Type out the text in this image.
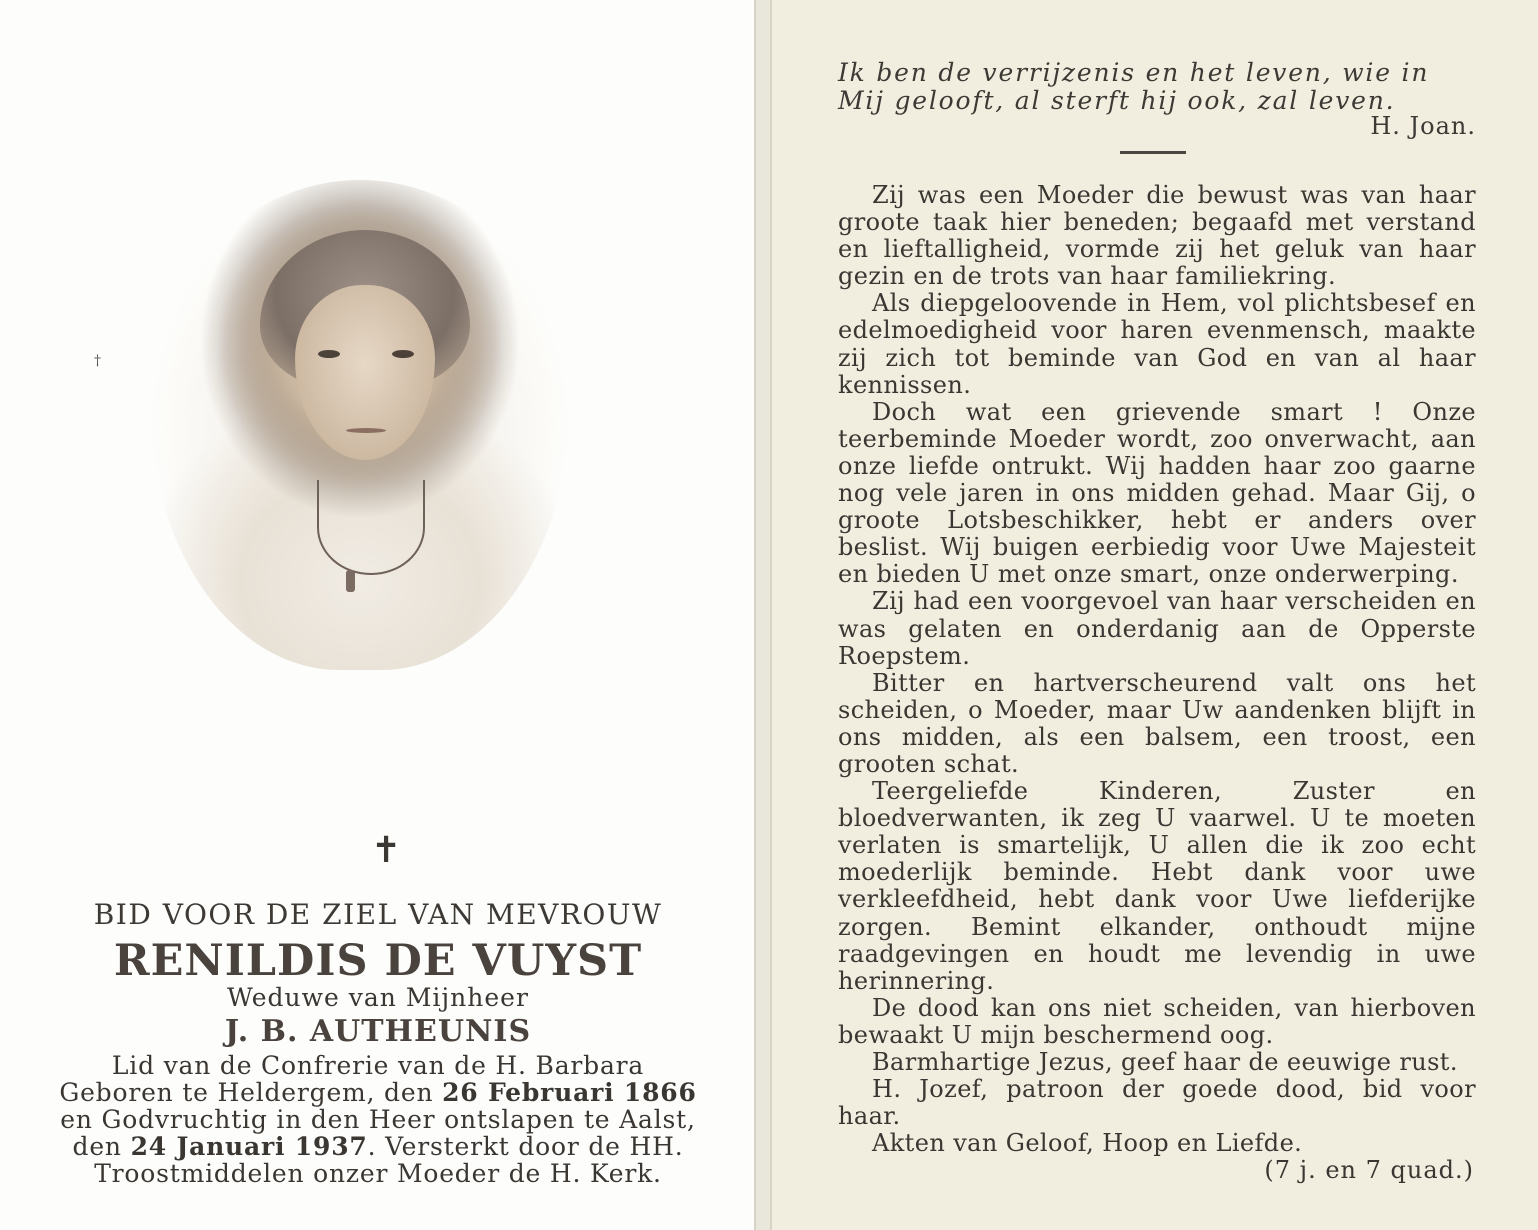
†
✝
BID VOOR DE ZIEL VAN MEVROUW
RENILDIS DE VUYST
Weduwe van Mijnheer
J. B. AUTHEUNIS
Lid van de Confrerie van de H. Barbara
Geboren te Heldergem, den 26 Februari 1866
en Godvruchtig in den Heer ontslapen te Aalst,
den 24 Januari 1937. Versterkt door de HH.
Troostmiddelen onzer Moeder de H. Kerk.
Ik ben de verrijzenis en het leven, wie in
Mij gelooft, al sterft hij ook, zal leven.
H. Joan.

Zij was een Moeder die bewust was van haar groote taak hier beneden; begaafd met verstand en lieftalligheid, vormde zij het geluk van haar gezin en de trots van haar familiekring.

Als diepgeloovende in Hem, vol plichtsbesef en edelmoedigheid voor haren evenmensch, maakte zij zich tot beminde van God en van al haar kennissen.

Doch wat een grievende smart ! Onze teerbeminde Moeder wordt, zoo onverwacht, aan onze liefde ontrukt. Wij hadden haar zoo gaarne nog vele jaren in ons midden gehad. Maar Gij, o groote Lotsbeschikker, hebt er anders over beslist. Wij buigen eerbiedig voor Uwe Majesteit en bieden U met onze smart, onze onderwerping.

Zij had een voorgevoel van haar verscheiden en was gelaten en onderdanig aan de Opperste Roepstem.

Bitter en hartverscheurend valt ons het scheiden, o Moeder, maar Uw aandenken blijft in ons midden, als een balsem, een troost, een grooten schat.

Teergeliefde Kinderen, Zuster en bloedverwanten, ik zeg U vaarwel. U te moeten verlaten is smartelijk, U allen die ik zoo echt moederlijk beminde. Hebt dank voor uwe verkleefdheid, hebt dank voor Uwe liefderijke zorgen. Bemint elkander, onthoudt mijne raadgevingen en houdt me levendig in uwe herinnering.

De dood kan ons niet scheiden, van hierboven bewaakt U mijn beschermend oog.

Barmhartige Jezus, geef haar de eeuwige rust.

H. Jozef, patroon der goede dood, bid voor haar.

Akten van Geloof, Hoop en Liefde.

(7 j. en 7 quad.)
